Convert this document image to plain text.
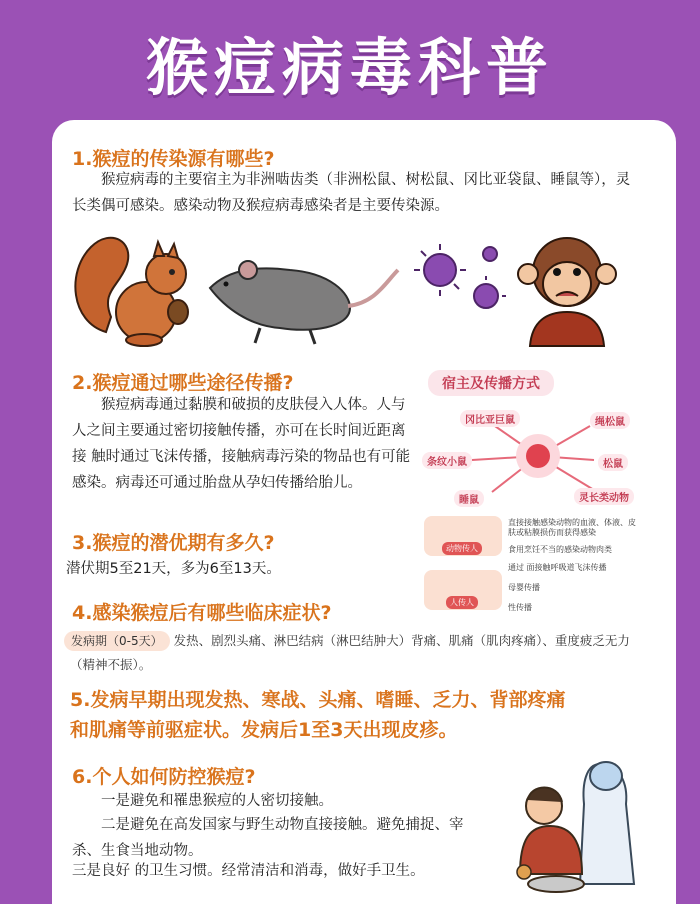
猴痘病毒科普
1.猴痘的传染源有哪些?
猴痘病毒的主要宿主为非洲啮齿类（非洲松鼠、树松鼠、冈比亚袋鼠、睡鼠等），灵长类偶可感染。感染动物及猴痘病毒感染者是主要传染源。
2.猴痘通过哪些途径传播?
猴痘病毒通过黏膜和破损的皮肤侵入人体。人与人之间主要通过密切接触传播，亦可在长时间近距离接 触时通过飞沫传播，接触病毒污染的物品也有可能感染。病毒还可通过胎盘从孕妇传播给胎儿。
宿主及传播方式
冈比亚巨鼠	绳松鼠
条纹小鼠	松鼠
睡鼠	灵长类动物
动物传人
人传人
直接接触感染动物的血液、体液、皮肤或粘膜损伤而获得感染
食用烹饪不当的感染动物肉类
通过 面接触呼吸道飞沫传播
母婴传播
性传播
3.猴痘的潜优期有多久?
潜伏期5至21天，多为6至13天。
4.感染猴痘后有哪些临床症状?
发病期（0-5天） 发热、剧烈头痛、淋巴结病（淋巴结肿大）背痛、肌痛（肌肉疼痛）、重度疲乏无力
（精神不振）。
5.发病早期出现发热、寒战、头痛、嗜睡、乏力、背部疼痛
和肌痛等前驱症状。发病后1至3天出现皮疹。
6.个人如何防控猴痘?
一是避免和罹患猴痘的人密切接触。
二是避免在高发国家与野生动物直接接触。避免捕捉、宰杀、生食当地动物。
三是良好 的卫生习惯。经常清洁和消毒，做好手卫生。
